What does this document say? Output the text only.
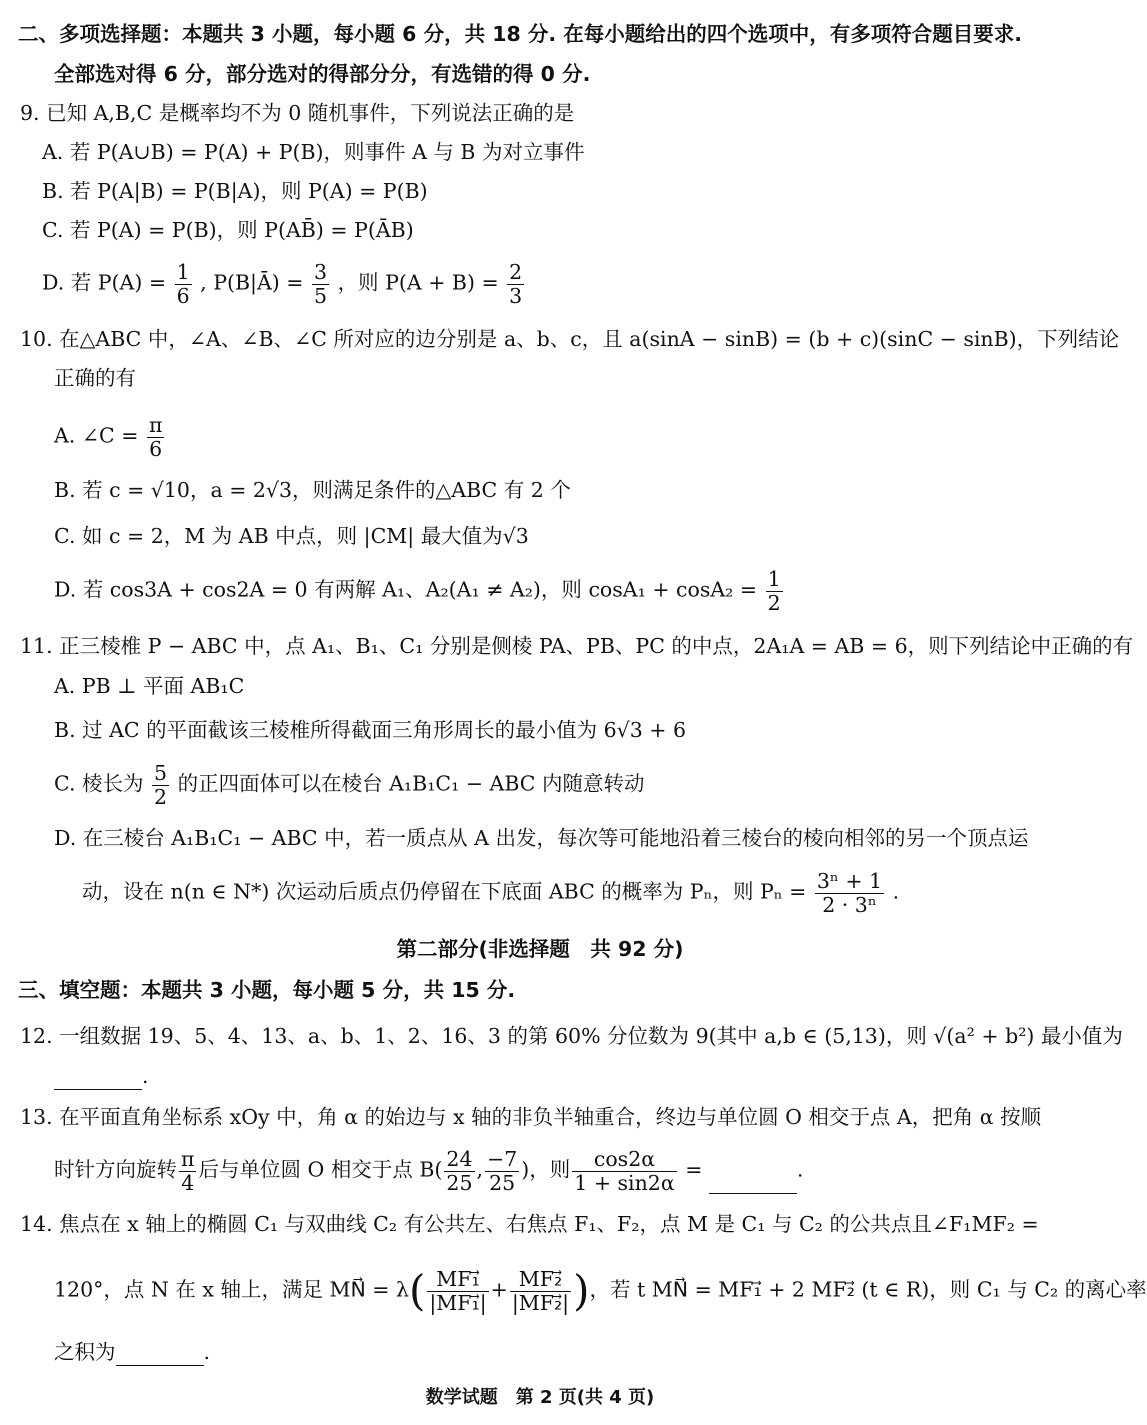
二、多项选择题：本题共 3 小题，每小题 6 分，共 18 分. 在每小题给出的四个选项中，有多项符合题目要求.
全部选对得 6 分，部分选对的得部分分，有选错的得 0 分.
9. 已知 A,B,C 是概率均不为 0 随机事件，下列说法正确的是
A. 若 P(A∪B) = P(A) + P(B)，则事件 A 与 B 为对立事件
B. 若 P(A|B) = P(B|A)，则 P(A) = P(B)
C. 若 P(A) = P(B)，则 P(AB̄) = P(ĀB)
D. 若 $P(A) = \frac{1}{6}$ , P(B|Ā) = $\frac{3}{5}$ ，则 $P(A + B) = \frac{2}{3}$
10. 在△ABC 中，∠A、∠B、∠C 所对应的边分别是 a、b、c，且 a(sinA − sinB) = (b + c)(sinC − sinB)，下列结论
正确的有
A. ∠C = $\frac{\pi}{6}$
B. 若 c = √10，a = 2√3，则满足条件的△ABC 有 2 个
C. 如 c = 2，M 为 AB 中点，则 |CM| 最大值为√3
D. 若 cos3A + cos2A = 0 有两解 A₁、A₂(A₁ ≠ A₂)，则 $\cos A_1 + \cos A_2 = \frac{1}{2}$
11. 正三棱椎 P − ABC 中，点 A₁、B₁、C₁ 分别是侧棱 PA、PB、PC 的中点，2A₁A = AB = 6，则下列结论中正确的有
A. PB ⊥ 平面 AB₁C
B. 过 AC 的平面截该三棱椎所得截面三角形周长的最小值为 6√3 + 6
C. 棱长为 $\frac{5}{2}$ 的正四面体可以在棱台 A₁B₁C₁ − ABC 内随意转动
D. 在三棱台 A₁B₁C₁ − ABC 中，若一质点从 A 出发，每次等可能地沿着三棱台的棱向相邻的另一个顶点运
动，设在 n(n ∈ N*) 次运动后质点仍停留在下底面 ABC 的概率为 Pₙ，则 $P_n = \frac{\text{3ⁿ + 1}}{\text{2 · 3ⁿ}}$ .
第二部分(非选择题　共 92 分)
三、填空题：本题共 3 小题，每小题 5 分，共 15 分.
12. 一组数据 19、5、4、13、a、b、1、2、16、3 的第 60% 分位数为 9(其中 a,b ∈ (5,13)，则 √(a² + b²) 最小值为
.
13. 在平面直角坐标系 xOy 中，角 α 的始边与 x 轴的非负半轴重合，终边与单位圆 O 相交于点 A，把角 α 按顺
时针方向旋转 $\frac{\pi}{4}$ 后与单位圆 O 相交于点 $B( \frac{24}{25}$ , $\frac{-7}{25}$ )，则 $\frac{\cos 2\alpha}{1 + \sin 2\alpha}$ =	.
14. 焦点在 x 轴上的椭圆 C₁ 与双曲线 C₂ 有公共左、右焦点 F₁、F₂，点 M 是 C₁ 与 C₂ 的公共点且∠F₁MF₂ =
120°，点 N 在 x 轴上，满足 MN⃗ = $\lambda( \frac{\text{MF₁⃗}}{\text{|MF₁⃗|}} + \frac{\text{MF₂⃗}}{\text{|MF₂⃗|}}$ )，若 t MN⃗ = MF₁⃗ + 2 MF₂⃗ (t ∈ R)，则 C₁ 与 C₂ 的离心率
之积为	.
数学试题　第 2 页(共 4 页)
